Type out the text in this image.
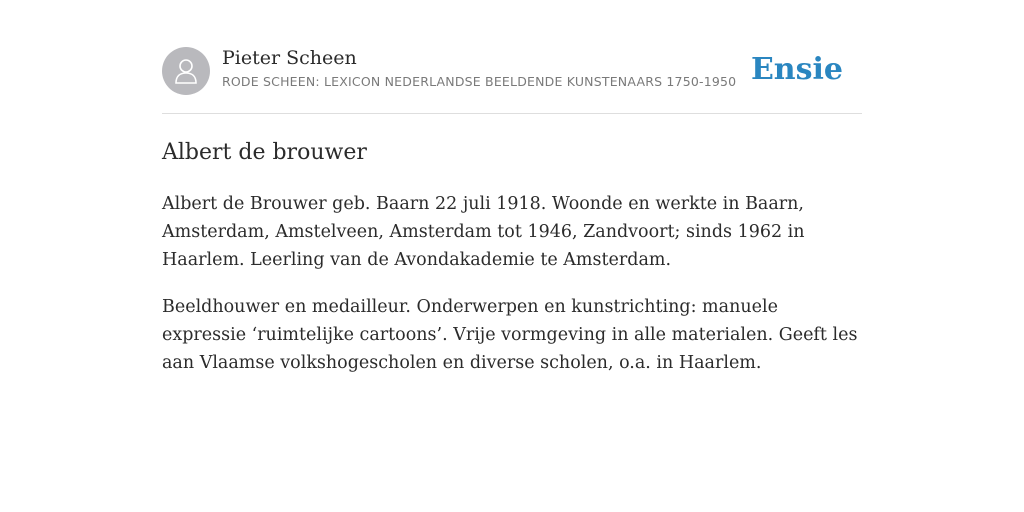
Pieter Scheen
RODE SCHEEN: LEXICON NEDERLANDSE BEELDENDE KUNSTENAARS 1750-1950 Ensie
Albert de brouwer

Albert de Brouwer geb. Baarn 22 juli 1918. Woonde en werkte in Baarn, Amsterdam, Amstelveen, Amsterdam tot 1946, Zandvoort; sinds 1962 in Haarlem. Leerling van de Avondakademie te Amsterdam.

Beeldhouwer en medailleur. Onderwerpen en kunstrichting: manuele expressie ‘ruimtelijke cartoons’. Vrije vormgeving in alle materialen. Geeft les aan Vlaamse volkshogescholen en diverse scholen, o.a. in Haarlem.
